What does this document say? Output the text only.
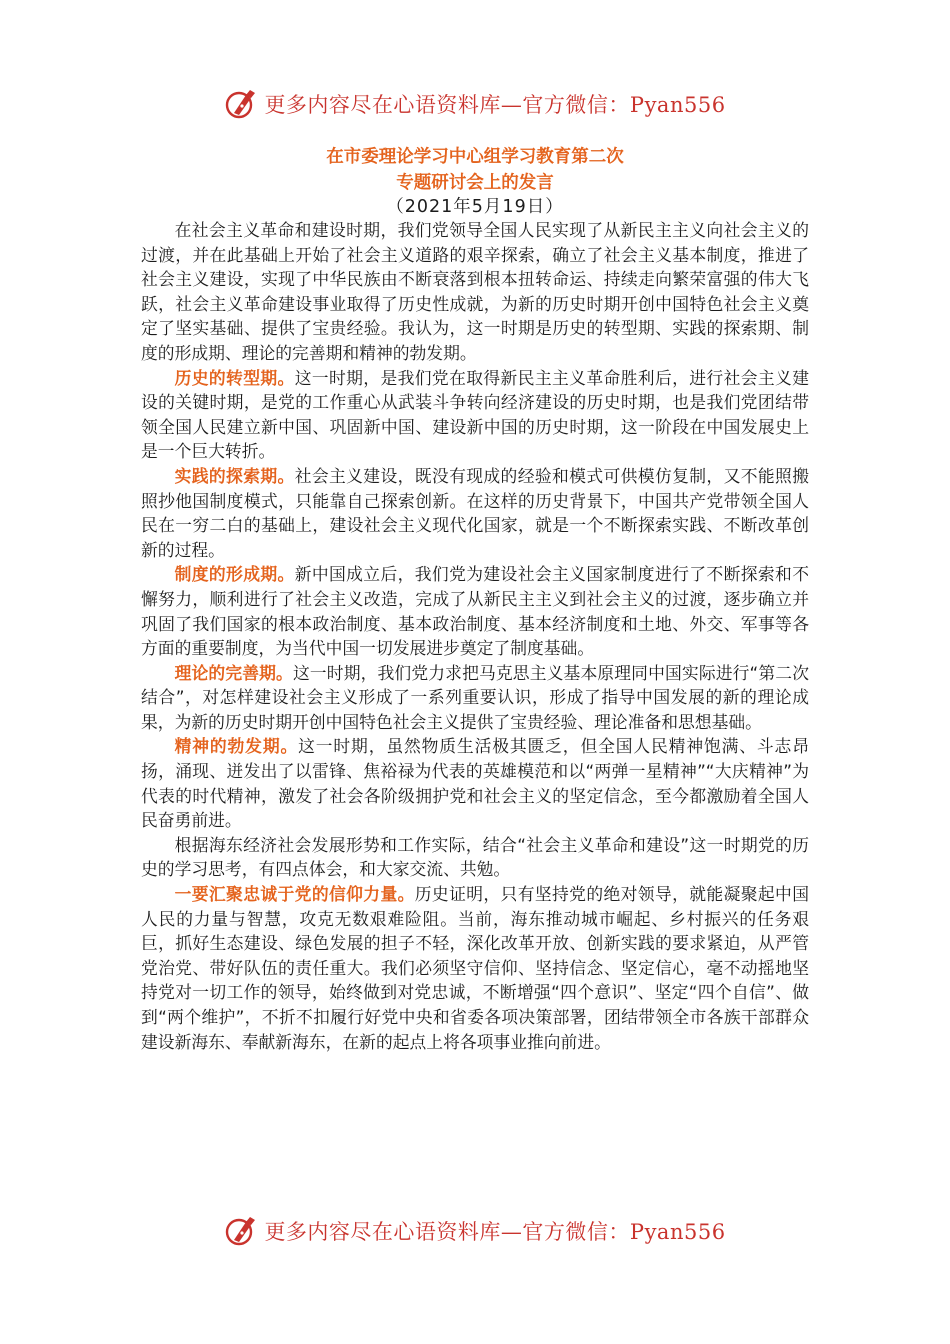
更多内容尽在心语资料库—官方微信：Pyan556
在市委理论学习中心组学习教育第二次
专题研讨会上的发言
（2021年5月19日）

在社会主义革命和建设时期，我们党领导全国人民实现了从新民主主义向社会主义的过渡，并在此基础上开始了社会主义道路的艰辛探索，确立了社会主义基本制度，推进了社会主义建设，实现了中华民族由不断衰落到根本扭转命运、持续走向繁荣富强的伟大飞跃，社会主义革命建设事业取得了历史性成就，为新的历史时期开创中国特色社会主义奠定了坚实基础、提供了宝贵经验。我认为，这一时期是历史的转型期、实践的探索期、制度的形成期、理论的完善期和精神的勃发期。

历史的转型期。这一时期，是我们党在取得新民主主义革命胜利后，进行社会主义建设的关键时期，是党的工作重心从武装斗争转向经济建设的历史时期，也是我们党团结带领全国人民建立新中国、巩固新中国、建设新中国的历史时期，这一阶段在中国发展史上是一个巨大转折。

实践的探索期。社会主义建设，既没有现成的经验和模式可供模仿复制，又不能照搬照抄他国制度模式，只能靠自己探索创新。在这样的历史背景下，中国共产党带领全国人民在一穷二白的基础上，建设社会主义现代化国家，就是一个不断探索实践、不断改革创新的过程。

制度的形成期。新中国成立后，我们党为建设社会主义国家制度进行了不断探索和不懈努力，顺利进行了社会主义改造，完成了从新民主主义到社会主义的过渡，逐步确立并巩固了我们国家的根本政治制度、基本政治制度、基本经济制度和土地、外交、军事等各方面的重要制度，为当代中国一切发展进步奠定了制度基础。

理论的完善期。这一时期，我们党力求把马克思主义基本原理同中国实际进行“第二次结合”，对怎样建设社会主义形成了一系列重要认识，形成了指导中国发展的新的理论成果，为新的历史时期开创中国特色社会主义提供了宝贵经验、理论准备和思想基础。

精神的勃发期。这一时期，虽然物质生活极其匮乏，但全国人民精神饱满、斗志昂扬，涌现、迸发出了以雷锋、焦裕禄为代表的英雄模范和以“两弹一星精神”“大庆精神”为代表的时代精神，激发了社会各阶级拥护党和社会主义的坚定信念，至今都激励着全国人民奋勇前进。

根据海东经济社会发展形势和工作实际，结合“社会主义革命和建设”这一时期党的历史的学习思考，有四点体会，和大家交流、共勉。

一要汇聚忠诚于党的信仰力量。历史证明，只有坚持党的绝对领导，就能凝聚起中国人民的力量与智慧，攻克无数艰难险阻。当前，海东推动城市崛起、乡村振兴的任务艰巨，抓好生态建设、绿色发展的担子不轻，深化改革开放、创新实践的要求紧迫，从严管党治党、带好队伍的责任重大。我们必须坚守信仰、坚持信念、坚定信心，毫不动摇地坚持党对一切工作的领导，始终做到对党忠诚，不断增强“四个意识”、坚定“四个自信”、做到“两个维护”，不折不扣履行好党中央和省委各项决策部署，团结带领全市各族干部群众建设新海东、奉献新海东，在新的起点上将各项事业推向前进。

更多内容尽在心语资料库—官方微信：Pyan556
